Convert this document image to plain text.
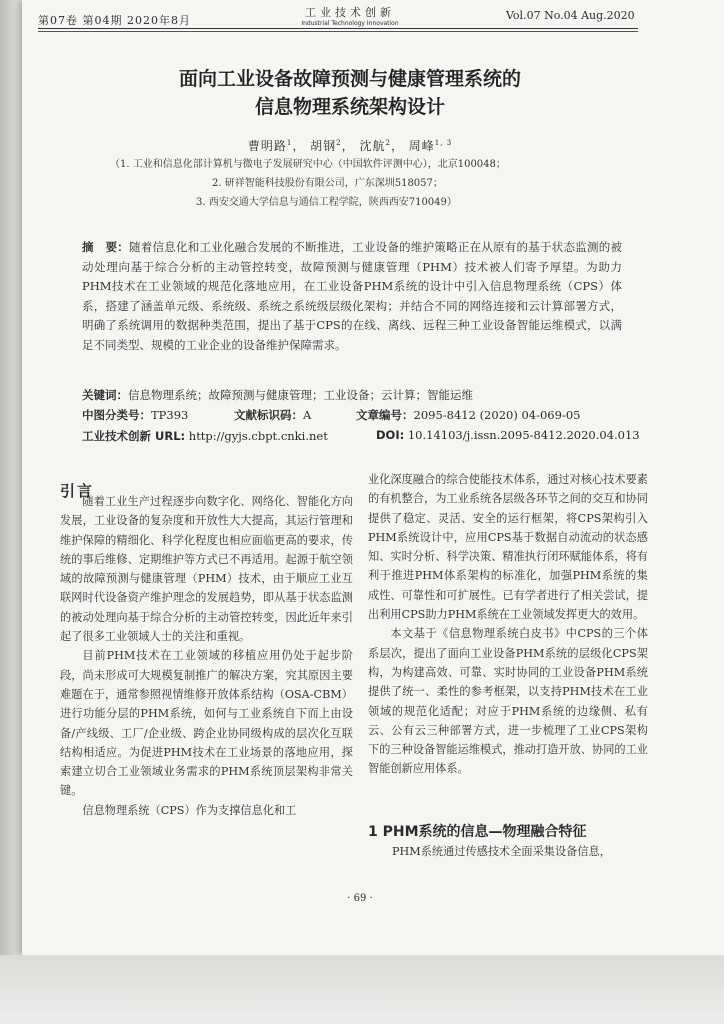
第07卷 第04期 2020年8月
工业技术创新
Industrial Technology Innovation
Vol.07 No.04 Aug.2020
面向工业设备故障预测与健康管理系统的
信息物理系统架构设计
曹明路$^1$， 胡钢$^2$， 沈航$^2$， 周峰$^{1, 3}$
（1. 工业和信息化部计算机与微电子发展研究中心（中国软件评测中心），北京100048；
2. 研祥智能科技股份有限公司，广东深圳518057；
3. 西安交通大学信息与通信工程学院，陕西西安710049）
摘　要：随着信息化和工业化融合发展的不断推进，工业设备的维护策略正在从原有的基于状态监测的被动处理向基于综合分析的主动管控转变，故障预测与健康管理（PHM）技术被人们寄予厚望。为助力PHM技术在工业领域的规范化落地应用，在工业设备PHM系统的设计中引入信息物理系统（CPS）体系，搭建了涵盖单元级、系统级、系统之系统级层级化架构；并结合不同的网络连接和云计算部署方式，明确了系统调用的数据种类范围，提出了基于CPS的在线、离线、远程三种工业设备智能运维模式，以满足不同类型、规模的工业企业的设备维护保障需求。
关键词：信息物理系统；故障预测与健康管理；工业设备；云计算；智能运维
中图分类号：TP393	文献标识码：A	文章编号：2095-8412 (2020) 04-069-05
工业技术创新 URL: http://gyjs.cbpt.cnki.net	DOI: 10.14103/j.issn.2095-8412.2020.04.013
引言

随着工业生产过程逐步向数字化、网络化、智能化方向发展，工业设备的复杂度和开放性大大提高，其运行管理和维护保障的精细化、科学化程度也相应面临更高的要求，传统的事后维修、定期维护等方式已不再适用。起源于航空领域的故障预测与健康管理（PHM）技术，由于顺应工业互联网时代设备资产维护理念的发展趋势，即从基于状态监测的被动处理向基于综合分析的主动管控转变，因此近年来引起了很多工业领域人士的关注和重视。

目前PHM技术在工业领域的移植应用仍处于起步阶段，尚未形成可大规模复制推广的解决方案，究其原因主要难题在于，通常参照视情维修开放体系结构（OSA-CBM）进行功能分层的PHM系统，如何与工业系统自下而上由设备/产线级、工厂/企业级、跨企业协同级构成的层次化互联结构相适应。为促进PHM技术在工业场景的落地应用，探索建立切合工业领域业务需求的PHM系统顶层架构非常关键。

信息物理系统（CPS）作为支撑信息化和工

业化深度融合的综合使能技术体系，通过对核心技术要素的有机整合，为工业系统各层级各环节之间的交互和协同提供了稳定、灵活、安全的运行框架，将CPS架构引入PHM系统设计中，应用CPS基于数据自动流动的状态感知、实时分析、科学决策、精准执行闭环赋能体系，将有利于推进PHM体系架构的标准化，加强PHM系统的集成性、可靠性和可扩展性。已有学者进行了相关尝试，提出利用CPS助力PHM系统在工业领域发挥更大的效用。

本文基于《信息物理系统白皮书》中CPS的三个体系层次，提出了面向工业设备PHM系统的层级化CPS架构，为构建高效、可靠、实时协同的工业设备PHM系统提供了统一、柔性的参考框架，以支持PHM技术在工业领域的规范化适配；对应于PHM系统的边缘侧、私有云、公有云三种部署方式，进一步梳理了工业CPS架构下的三种设备智能运维模式，推动打造开放、协同的工业智能创新应用体系。

1 PHM系统的信息—物理融合特征
PHM系统通过传感技术全面采集设备信息，
· 69 ·
